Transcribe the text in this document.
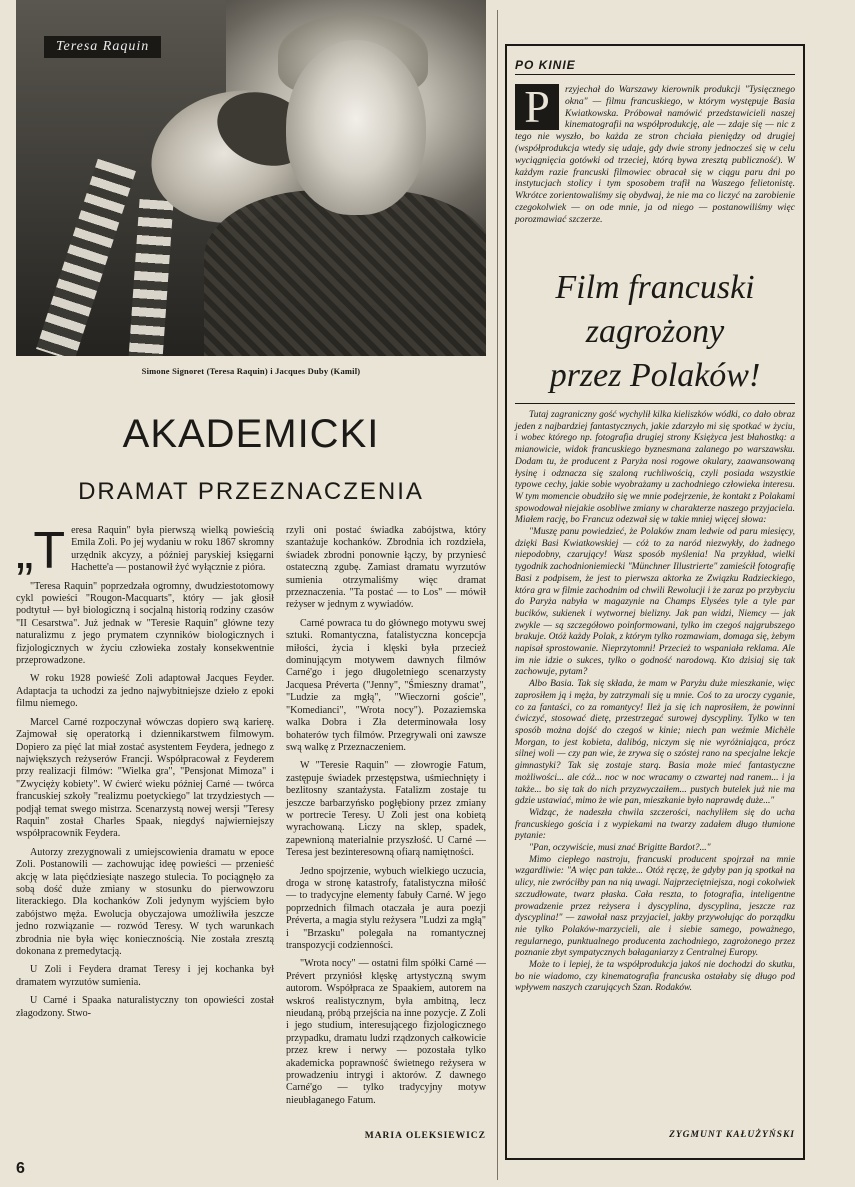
Teresa Raquin
Simone Signoret (Teresa Raquin) i Jacques Duby (Kamil)
AKADEMICKI
DRAMAT PRZEZNACZENIA

„Teresa Raquin" była pierwszą wielką powieścią Emila Zoli. Po jej wydaniu w roku 1867 skromny urzędnik akcyzy, a później paryskiej księgarni Hachette'a — postanowił żyć wyłącznie z pióra.

"Teresa Raquin" poprzedzała ogromny, dwudziestotomowy cykl powieści "Rougon-Macquarts", który — jak głosił podtytuł — był biologiczną i socjalną historią rodziny czasów "II Cesarstwa". Już jednak w "Teresie Raquin" główne tezy naturalizmu z jego prymatem czynników biologicznych i fizjologicznych w życiu człowieka zostały konsekwentnie przeprowadzone.

W roku 1928 powieść Zoli adaptował Jacques Feyder. Adaptacja ta uchodzi za jedno najwybitniejsze dzieło z epoki filmu niemego.

Marcel Carné rozpoczynał wówczas dopiero swą karierę. Zajmował się operatorką i dziennikarstwem filmowym. Dopiero za pięć lat miał zostać asystentem Feydera, jednego z największych reżyserów Francji. Współpracował z Feyderem przy realizacji filmów: "Wielka gra", "Pensjonat Mimoza" i "Zwycięży kobiety". W ćwierć wieku później Carné — twórca francuskiej szkoły "realizmu poetyckiego" lat trzydziestych — podjął temat swego mistrza. Scenarzystą nowej wersji "Teresy Raquin" został Charles Spaak, niegdyś najwierniejszy współpracownik Feydera.

Autorzy zrezygnowali z umiejscowienia dramatu w epoce Zoli. Postanowili — zachowując ideę powieści — przenieść akcję w lata pięćdziesiąte naszego stulecia. To pociągnęło za sobą dość duże zmiany w stosunku do pierwowzoru literackiego. Dla kochanków Zoli jedynym wyjściem było zabójstwo męża. Ewolucja obyczajowa umożliwiła jeszcze jedno rozwiązanie — rozwód Teresy. W tych warunkach zbrodnia nie była więc koniecznością. Nie została zresztą dokonana z premedytacją.

U Zoli i Feydera dramat Teresy i jej kochanka był dramatem wyrzutów sumienia.

U Carné i Spaaka naturalistyczny ton opowieści został złagodzony. Stwo-

rzyli oni postać świadka zabójstwa, który szantażuje kochanków. Zbrodnia ich rozdzieła, świadek zbrodni ponownie łączy, by przyniesć ostateczną zgubę. Zamiast dramatu wyrzutów sumienia otrzymaliśmy więc dramat przeznaczenia. "Ta postać — to Los" — mówił reżyser w jednym z wywiadów.

Carné powraca tu do głównego motywu swej sztuki. Romantyczna, fatalistyczna koncepcja miłości, życia i klęski była przecież dominującym motywem dawnych filmów Carné'go i jego długoletniego scenarzysty Jacquesa Préverta ("Jenny", "Śmieszny dramat", "Ludzie za mgłą", "Wieczorni goście", "Komedianci", "Wrota nocy"). Pozaziemska walka Dobra i Zła determinowała losy bohaterów tych filmów. Przegrywali oni zawsze swą walkę z Przeznaczeniem.

W "Teresie Raquin" — złowrogie Fatum, zastępuje świadek przestępstwa, uśmiechnięty i bezlitosny szantażysta. Fatalizm zostaje tu jeszcze barbarzyńsko pogłębiony przez zmiany w portrecie Teresy. U Zoli jest ona kobietą wyrachowaną. Liczy na sklep, spadek, zapewnioną materialnie przyszłość. U Carné — Teresa jest bezinteresowną ofiarą namiętności.

Jedno spojrzenie, wybuch wielkiego uczucia, droga w stronę katastrofy, fatalistyczna miłość — to tradycyjne elementy fabuły Carné. W jego poprzednich filmach otaczała je aura poezji Préverta, a magia stylu reżysera "Ludzi za mgłą" i "Brzasku" polegała na romantycznej transpozycji codzienności.

"Wrota nocy" — ostatni film spółki Carné — Prévert przyniósł klęskę artystyczną swym autorom. Współpraca ze Spaakiem, autorem na wskroś realistycznym, była ambitną, lecz nieudaną, próbą przejścia na inne pozycje. Z Zoli i jego studium, interesującego fizjologicznego przypadku, dramatu ludzi rządzonych całkowicie przez krew i nerwy — pozostała tylko akademicka poprawność świetnego reżysera w prowadzeniu intrygi i aktorów. Z dawnego Carné'go — tylko tradycyjny motyw nieubłaganego Fatum.

MARIA OLEKSIEWICZ
6
PO KINIE
P	rzyjechał do Warszawy kierownik produkcji "Tysięcznego okna" — filmu francuskiego, w którym występuje Basia Kwiatkowska. Próbował namówić przedstawicieli naszej kinematografii na współprodukcję, ale — zdaje się — nic z tego nie wyszło, bo każda ze stron chciała pieniędzy od drugiej (współprodukcja wtedy się udaje, gdy dwie strony jednocześ się w celu wyciągnięcia gotówki od trzeciej, którą bywa zresztą publiczność). W każdym razie francuski filmowiec obracał się w ciągu paru dni po instytucjach stolicy i tym sposobem trafił na Waszego felietonistę. Wkrótce zorientowaliśmy się obydwaj, że nie ma co liczyć na zarobienie czegokolwiek — on ode mnie, ja od niego — postanowiliśmy więc porozmawiać szczerze.
Film francuski
zagrożony
przez Polaków!

Tutaj zagraniczny gość wychylił kilka kieliszków wódki, co dało obraz jeden z najbardziej fantastycznych, jakie zdarzyło mi się spotkać w życiu, i wobec którego np. fotografia drugiej strony Księżyca jest błahostką: a mianowicie, widok francuskiego byznesmana zalanego po warszawsku. Dodam tu, że producent z Paryża nosi rogowe okulary, zaawansowaną łysinę i odznacza się szaloną ruchliwością, czyli posiada wszystkie typowe cechy, jakie sobie wyobrażamy u zachodniego człowieka interesu. W tym momencie obudziło się we mnie podejrzenie, że kontakt z Polakami spowodował niejakie osobliwe zmiany w charakterze naszego przyjaciela. Miałem rację, bo Francuz odezwał się w takie mniej więcej słowa:

"Muszę panu powiedzieć, że Polaków znam ledwie od paru miesięcy, dzięki Basi Kwiatkowskiej — cóż to za naród niezwykły, do żadnego niepodobny, czarujący! Wasz sposób myślenia! Na przykład, wielki tygodnik zachodnioniemiecki "Münchner Illustrierte" zamieścił fotografię Basi z podpisem, że jest to pierwsza aktorka ze Związku Radzieckiego, która gra w filmie zachodnim od chwili Rewolucji i że zaraz po przybyciu do Paryża nabyła w magazynie na Champs Elysées tyle a tyle par bucików, sukienek i wytwornej bielizny. Jak pan widzi, Niemcy — jak zwykle — są szczegółowo poinformowani, tylko im czegoś najgrubszego brakuje. Otóż każdy Polak, z którym tylko rozmawiam, domaga się, żebym napisał sprostowanie. Nieprzytomni! Przecież to wspaniała reklama. Ale im nie idzie o sukces, tylko o godność narodową. Kto dzisiaj się tak zachowuje, pytam?

Albo Basia. Tak się składa, że mam w Paryżu duże mieszkanie, więc zaprosiłem ją i męża, by zatrzymali się u mnie. Coś to za uroczy cyganie, co za fantaści, co za romantycy! Ileż ja się ich naprosiłem, że powinni ćwiczyć, stosować dietę, przestrzegać surowej dyscypliny. Tylko w ten sposób można dojść do czegoś w kinie; niech pan weźmie Michèle Morgan, to jest kobieta, dalibóg, niczym się nie wyróżniająca, prócz silnej woli — czy pan wie, że zrywa się o szóstej rano na specjalne lekcje gimnastyki? Tak się zostaje starą. Basia może mieć fantastyczne możliwości... ale cóż... noc w noc wracamy o czwartej nad ranem... i ja także... bo się tak do nich przyzwyczaiłem... pustych butelek już nie ma gdzie ustawiać, mimo że wie pan, mieszkanie było naprawdę duże..."

Widząc, że nadeszła chwila szczerości, nachyliłem się do ucha francuskiego gościa i z wypiekami na twarzy zadałem długo tłumione pytanie:

"Pan, oczywiście, musi znać Brigitte Bardot?..."

Mimo ciepłego nastroju, francuski producent spojrzał na mnie wzgardliwie: "A więc pan także... Otóż ręczę, że gdyby pan ją spotkał na ulicy, nie zwróciłby pan na nią uwagi. Najprzeciętniejsza, nogi cokolwiek szczudłowate, twarz płaska. Cała reszta, to fotografia, inteligentne prowadzenie przez reżysera i dyscyplina, dyscyplina, jeszcze raz dyscyplina!" — zawołał nasz przyjaciel, jakby przywołując do porządku nie tylko Polaków-marzycieli, ale i siebie samego, poważnego, regularnego, punktualnego producenta zachodniego, zagrożonego przez poznanie zbyt sympatycznych bałaganiarzy z Centralnej Europy.

Może to i lepiej, że ta współprodukcja jakoś nie dochodzi do skutku, bo nie wiadomo, czy kinematografia francuska ostałaby się długo pod wpływem naszych czarujących Szan. Rodaków.

ZYGMUNT KAŁUŻYŃSKI
